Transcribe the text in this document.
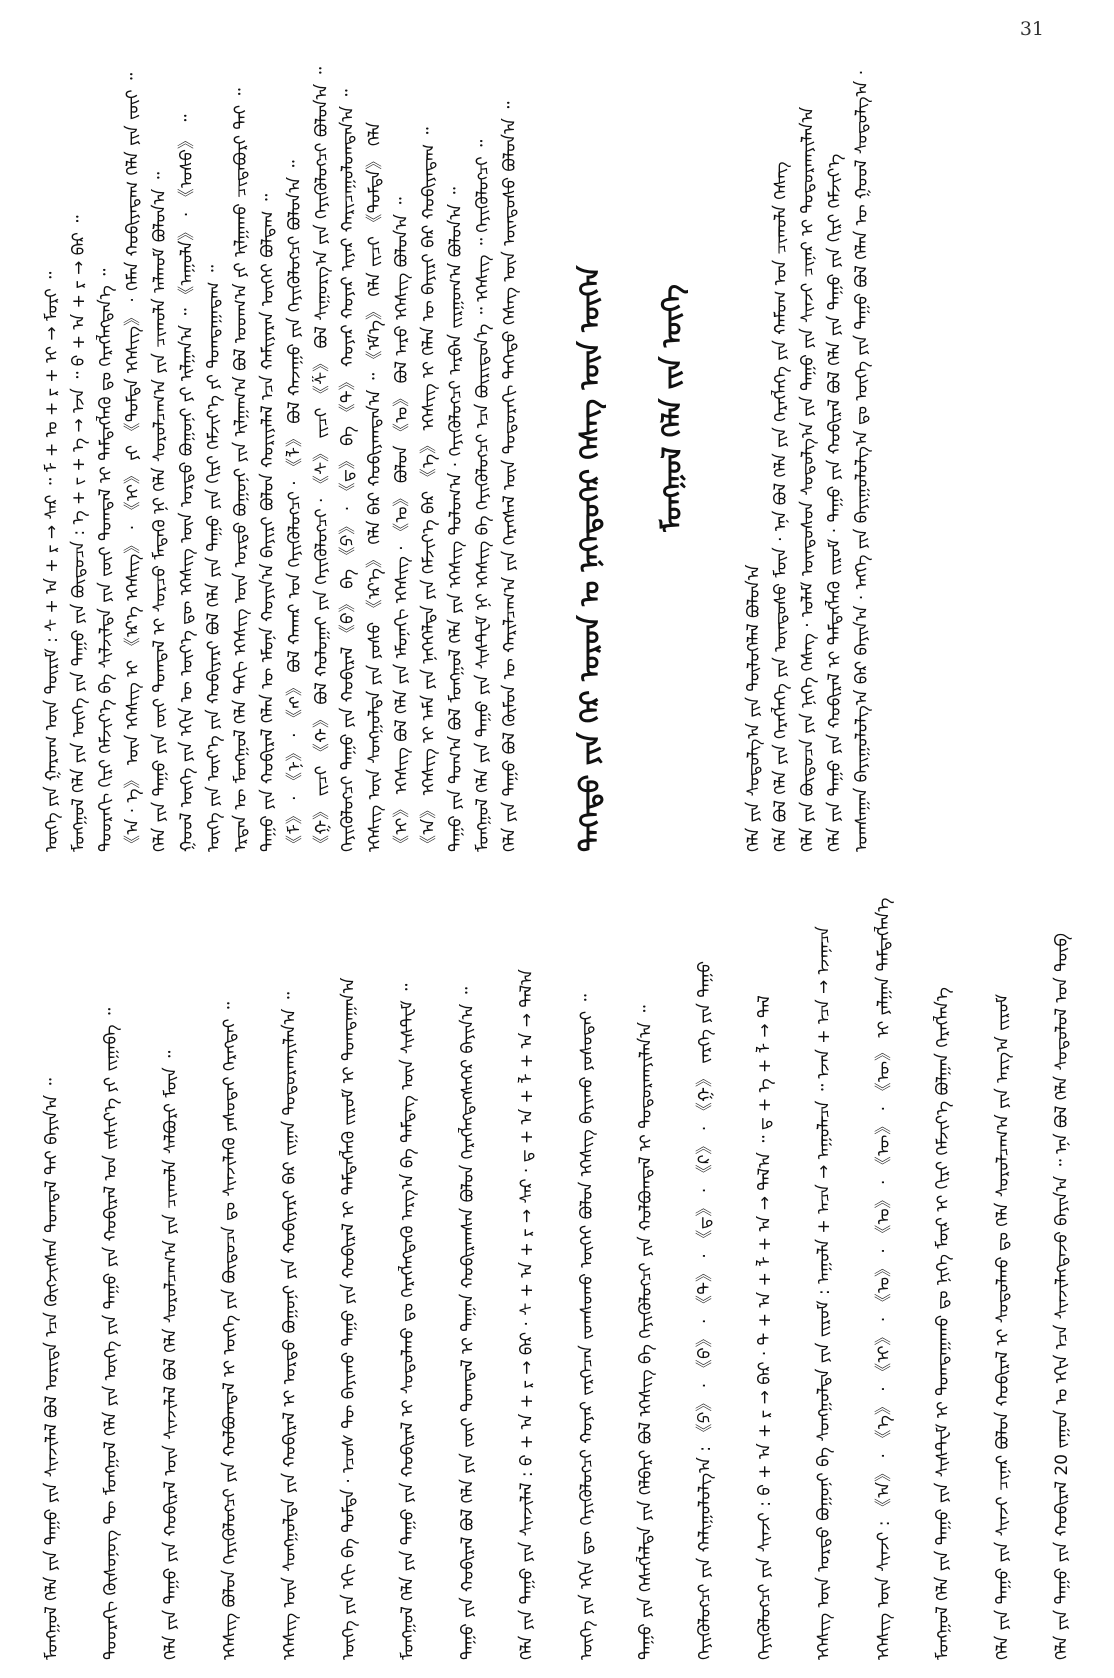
31
ᠦᠭᠡ ᠶᠢᠨ ᠭᠠᠷᠤᠭ ᠦᠨ ᠳᠦᠷᠢᠮ : ᠰ + ᠠ + ᠷ → ᠰᠠᠷ ᠃ ᠮ + ᠣ + ᠷ + ᠢ → ᠮᠣᠷᠢ ᠃ ᠮᠣᠩᠭᠣᠯ ᠬᠡᠯᠡ ᠶᠢᠨ ᠦᠭᠡ ᠶᠢᠨ ᠳᠠᠭᠤ ᠶᠢᠨ ᠪᠦᠲᠦᠴᠡ : ᠡ + ᠵ + ᠡ → ᠡᠵᠡ ᠃ ᠪ + ᠠ + ᠷ → ᠪᠠᠷ ᠃ ᠳᠣᠣᠷᠠᠬᠢ ᠬᠢᠷᠢ ᠬᠡᠮᠵᠢᠶ᠎ᠡ ᠪᠠ ᠰᠢᠯᠵᠢᠯᠲᠡ ᠶᠢᠨ ᠵᠦᠢ ᠲᠣᠭᠲᠠᠯ ᠢ ᠲᠡᠮᠳᠡᠭᠯᠡᠬᠦ ᠳᠤ ᠬᠡᠷᠡᠭᠯᠡᠭᠳᠡᠨ᠎ᠡ ᠃ 《ᠠ · ᠡ》 ᠦᠨ ᠡᠭᠡᠰᠢᠭ ᠢ 《ᠡᠷ᠎ᠡ ᠡᠭᠡᠰᠢᠭ》 · 《ᠢ》 ᠶᠢ 《ᠳᠤᠮᠳᠠ ᠡᠭᠡᠰᠢᠭ》 · ᠬᠡᠮᠡᠨ ᠬᠤᠪᠢᠶᠠᠳᠠᠭ ᠬᠡᠯᠡ ᠶᠢᠨ ᠵᠦᠢ ᠃ ᠬᠡᠯᠡ ᠶᠢᠨ ᠳᠠᠭᠤ ᠶᠢᠨ ᠵᠦᠢ ᠲᠣᠭᠲᠠᠯ ᠢ ᠰᠤᠷᠴᠤ ᠮᠡᠳᠡᠬᠦ ᠨᠢ ᠬᠡᠯᠡ ᠰᠤᠷᠤᠯᠴᠠᠭ᠎ᠠ ᠶᠢᠨ ᠴᠢᠬᠤᠯᠠ ᠠᠯᠬᠤᠮ ᠪᠣᠯᠤᠨ᠎ᠠ ᠃ ᠭᠣᠣᠯ ᠦᠭᠡ ᠶᠢᠨ ᠡᠬᠢᠨ ᠦ ᠦᠶ᠎ᠡ ᠳᠦ ᠡᠭᠡᠰᠢᠭ ᠦᠨ ᠤᠷᠲᠤ ᠪᠣᠭᠣᠨᠢ ᠶᠢ ᠢᠯᠭᠠᠨ᠎ᠠ ᠃ 《ᠠᠭᠤᠯᠠ》 · 《ᠤᠰᠤ》 ᠃ ᠦᠭᠡ ᠶᠢᠨ ᠦᠶ᠎ᠡ ᠶᠢᠨ ᠬᠤᠪᠢᠶᠠᠷᠢ ᠪᠣᠯ ᠬᠡᠯᠡ ᠶᠢᠨ ᠳᠠᠭᠤ ᠶᠢᠨ ᠬᠢᠷᠢ ᠬᠡᠮᠵᠢᠶ᠎ᠡ ᠶᠢ ᠲᠣᠭᠲᠠᠭᠠᠳᠠᠭ ᠃ ᠡᠷᠲᠡᠨ ᠦ ᠮᠣᠩᠭᠣᠯ ᠬᠡᠯᠡ ᠳᠡᠬᠢ ᠡᠭᠡᠰᠢᠭ ᠦᠨ ᠤᠷᠲᠤ ᠪᠣᠭᠣᠨᠢ ᠶᠢᠨ ᠢᠯᠭᠠᠭ᠎ᠠ ᠪᠣᠯ ᠤᠳᠬ᠎ᠠ ᠶᠢ ᠢᠯᠭᠠᠬᠤ ᠴᠢᠳᠠᠪᠤᠷᠢ ᠲᠠᠢ ᠃ ᠳᠠᠭᠤ ᠶᠢᠨ ᠬᠤᠪᠢᠷᠠᠯ ᠬᠡᠯᠡᠨ ᠦ ᠡᠮᠦᠨᠡ ᠬᠣᠶᠢᠨ᠎ᠠ ᠪᠠᠶᠢᠷᠢ ᠪᠣᠯᠣᠨ ᠬᠣᠷᠢᠶᠠᠯᠠᠯ ᠡᠴᠡ ᠬᠠᠮᠢᠶᠠᠷᠠᠨ ᠦᠭᠡᠢ ᠪᠣᠯᠳᠠᠭ ᠃ 《ᠮ》 · 《ᠨ》 · 《ᠩ》 ᠪᠣᠯ ᠬᠠᠬᠠᠷ ᠤᠨ ᠭᠡᠶᠢᠭᠦᠯᠦᠭᠴᠢ · 《ᠯ》 ᠪᠣᠯ ᠬᠠᠵᠠᠭᠤ ᠶᠢᠨ ᠭᠡᠶᠢᠭᠦᠯᠦᠭᠴᠢ ᠪᠣᠯᠤᠨ᠎ᠠ ᠃ 《ᠭ》 ᠵᠢᠴᠢ 《ᠬ》 ᠪᠣᠯ ᠬᠣᠯᠣᠭᠠᠢ ᠶᠢᠨ ᠭᠡᠶᠢᠭᠦᠯᠦᠭᠴᠢ · 《ᠰ》 ᠵᠢᠴᠢ 《ᠱ》 ᠪᠣᠯ ᠰᠢᠭᠤᠷᠭ᠎ᠠ ᠶᠢᠨ ᠭᠡᠶᠢᠭᠦᠯᠦᠭᠴᠢ ᠪᠣᠯᠤᠨ᠎ᠠ ᠃ ᠭᠡᠶᠢᠭᠦᠯᠦᠭᠴᠢ ᠳᠠᠭᠤ ᠶᠢᠨ ᠬᠤᠪᠢᠷᠠᠯ 《ᠪ》 ᠪᠠ 《ᠫ》 · 《ᠳ》 ᠪᠠ 《ᠲ》 ᠬᠣᠶᠠᠷ ᠬᠣᠶᠠᠷ ᠢᠶᠡᠷ ᠬᠠᠷᠢᠴᠠᠭᠤᠯᠤᠭᠳᠠᠨ᠎ᠠ ᠃ ᠡᠭᠡᠰᠢᠭ ᠦᠨ ᠰᠣᠩᠭᠣᠯᠲᠠ ᠶᠢᠨ ᠶᠣᠰᠣ 《ᠡᠷ᠎ᠡ》 ᠬᠡᠯᠡ ᠪᠡᠷ ᠬᠤᠪᠢᠶᠠᠭᠳᠠᠨ᠎ᠠ ᠃ 《ᠡᠮ᠎ᠡ》 ᠬᠡᠯᠡ ᠵᠢᠴᠢ 《ᠳᠤᠮᠳᠠ》 ᠬᠡᠯᠡ 《ᠢ》 ᠡᠭᠡᠰᠢᠭ ᠪᠣᠯ ᠬᠡᠯᠡ ᠶᠢᠨ ᠡᠮᠦᠨᠡᠬᠢ ᠡᠭᠡᠰᠢᠭ · 《ᠣ》 ᠪᠣᠯᠣᠨ 《ᠤ》 ᠪᠣᠯ ᠠᠷᠤ ᠡᠭᠡᠰᠢᠭ ᠪᠣᠯᠤᠨ᠎ᠠ ᠃ 《ᠠ》 ᠡᠭᠡᠰᠢᠭ ᠢ ᠠᠮᠠ ᠶᠢᠨ ᠨᠡᠭᠡᠭᠡᠯᠲᠡ ᠶᠢᠨ ᠬᠡᠮᠵᠢᠶ᠎ᠡ ᠪᠡᠷ 《ᠡ》 ᠡᠭᠡᠰᠢᠭ ᠢ ᠬᠡᠯᠡᠨ ᠦ ᠪᠠᠶᠢᠷᠢ ᠪᠡᠷ ᠬᠤᠪᠢᠶᠠᠳᠠᠭ ᠃ ᠳᠠᠭᠤ ᠶᠢᠨ ᠲᠣᠭ᠎ᠠ ᠪᠣᠯ ᠮᠣᠩᠭᠣᠯ ᠬᠡᠯᠡ ᠶᠢᠨ ᠡᠭᠡᠰᠢᠭ ᠳᠣᠯᠣᠭ᠎ᠠ · ᠭᠡᠶᠢᠭᠦᠯᠦᠭᠴᠢ ᠠᠷᠪᠠᠨ ᠵᠢᠷᠭᠤᠭ᠎ᠠ ᠪᠣᠯᠤᠨ᠎ᠠ ᠃ ᠮᠣᠩᠭᠣᠯ ᠬᠡᠯᠡ ᠶᠢᠨ ᠳᠠᠭᠤ ᠶᠢᠨ ᠰᠢᠰᠲ᠋ᠧᠮ ᠨᠢ ᠡᠭᠡᠰᠢᠭ ᠪᠠ ᠭᠡᠶᠢᠭᠦᠯᠦᠭᠴᠢ ᠡᠴᠡ ᠪᠦᠷᠢᠳᠦᠨ᠎ᠡ ᠃ ᠡᠭᠡᠰᠢᠭ ᠃ ᠭᠡᠶᠢᠭᠦᠯᠦᠭᠴᠢ ᠃ ᠬᠡᠯᠡ ᠶᠢᠨ ᠳᠠᠭᠤ ᠪᠣᠯ ᠬᠦᠮᠦᠨ ᠦ ᠬᠠᠷᠢᠯᠴᠠᠭ᠎ᠠ ᠶᠢᠨ ᠬᠡᠷᠡᠭᠰᠡᠯ ᠦᠨ ᠳᠣᠲᠣᠷᠠᠬᠢ ᠳᠡᠭᠡᠳᠦ ᠬᠡᠰᠡᠭ ᠦᠨ ᠦᠨᠳᠦᠰᠦ ᠪᠣᠯᠤᠨ᠎ᠠ ᠃ ᠳᠡᠭᠡᠳᠦ ᠶᠢᠨ ᠭᠡᠷ ᠣᠷᠣᠨ ᠤ ᠨᠡᠭᠡᠳᠦᠭᠡᠷ ᠬᠡᠰᠡᠭ ᠦᠨ ᠦᠭᠡᠨ ᠮᠣᠩᠭᠣᠯ ᠬᠡᠯᠡ ᠵᠢᠨ ᠦᠭᠡ
ᠬᠡᠯᠡ ᠶᠢᠨ ᠰᠤᠳᠤᠯᠭ᠎ᠠ ᠶᠢᠨ ᠲᠥᠯᠦᠭᠡᠯᠡᠯ ᠪᠣᠯᠤᠨ᠎ᠠ ᠬᠡᠯᠡ ᠪᠣᠯ ᠬᠡᠯᠡ ᠶᠢᠨ ᠬᠡᠷᠡᠭᠯᠡᠭᠡ ᠶᠢᠨ ᠦᠨᠳᠦᠰᠦ ᠮᠥᠨ · ᠡᠨᠡ ᠪᠣᠯ ᠬᠡᠯᠡ ᠶᠢᠨ ᠬᠡᠷᠡᠭᠯᠡᠭᠡ ᠶᠢᠨ ᠬᠠᠮᠤᠭ ᠤᠨ ᠴᠢᠬᠤᠯᠠ ᠬᠡᠰᠡᠭ ᠬᠡᠯᠡ ᠶᠢᠨ ᠪᠦᠲᠦᠴᠡ ᠶᠢᠨ ᠨᠢᠭᠡ ᠬᠡᠰᠡᠭ · ᠤᠯᠠᠮ ᠦᠨᠳᠦᠰᠦᠨ ᠰᠤᠳᠤᠯᠭ᠎ᠠ ᠶᠢᠨ ᠳᠠᠭᠤ ᠶᠢᠨ ᠰᠢᠨᠵᠢ ᠴᠢᠨᠠᠷ ᠢ ᠲᠣᠳᠣᠷᠬᠠᠶᠢᠯᠠᠨ᠎ᠠ ᠬᠡᠯᠡ ᠶᠢᠨ ᠳᠠᠭᠤ ᠶᠢᠨ ᠬᠤᠪᠢᠷᠠᠯ ᠢ ᠲᠡᠮᠳᠡᠭᠯᠡᠬᠦ ᠵᠢᠷᠤᠮ · ᠳᠠᠭᠤ ᠶᠢᠨ ᠬᠤᠪᠢᠷᠠᠯ ᠪᠣᠯ ᠬᠡᠯᠡ ᠶᠢᠨ ᠳᠠᠭᠤ ᠶᠢᠨ ᠬᠢᠷᠢ ᠬᠡᠮᠵᠢᠶ᠎ᠡ ᠤᠭᠰᠠᠭᠠᠨ ᠪᠠᠶᠢᠭᠤᠯᠤᠯᠭ᠎ᠠ ᠪᠡᠷ ᠪᠠᠶᠢᠨ᠎ᠠ · ᠡᠩᠭᠡ ᠶᠢᠨ ᠪᠠᠶᠢᠭᠤᠯᠤᠯᠭ᠎ᠠ ᠳᠤ ᠦᠭᠡ ᠶᠢᠨ ᠳᠠᠭᠤ ᠪᠣᠯ ᠬᠡᠯᠡᠨ ᠦ ᠭᠣᠣᠯ ᠰᠤᠳᠤᠯᠭ᠎ᠠ ·
ᠮᠣᠩᠭᠣᠯ ᠬᠡᠯᠡ ᠶᠢᠨ ᠳᠠᠭᠤ ᠶᠢᠨ ᠰᠢᠨᠵᠢᠯᠡᠯ ᠪᠣᠯ ᠤᠷᠢᠳᠠ ᠡᠴᠡ ᠬᠥᠭᠵᠢᠭᠰᠡᠨ ᠲᠣᠭᠲᠠᠯ ᠲᠠᠢ ᠪᠠᠶᠢᠨ᠎ᠠ ᠃ ᠳᠣᠣᠷᠠᠬᠢ ᠬᠦᠰᠦᠨᠦᠭ ᠲᠦ ᠮᠣᠩᠭᠣᠯ ᠬᠡᠯᠡ ᠶᠢᠨ ᠦᠭᠡ ᠶᠢᠨ ᠳᠠᠭᠤ ᠶᠢᠨ ᠬᠤᠪᠢᠷᠠᠯ ᠤᠨ ᠵᠢᠱᠢᠶ᠎ᠡ ᠶᠢ ᠵᠢᠭᠠᠪᠠ ᠃ ᠬᠡᠯᠡ ᠶᠢᠨ ᠳᠠᠭᠤ ᠶᠢᠨ ᠬᠤᠪᠢᠷᠠᠯ ᠦᠨ ᠰᠢᠨᠵᠢᠯᠡᠯ ᠪᠣᠯ ᠬᠡᠯᠡ ᠰᠤᠷᠤᠯᠴᠠᠭ᠎ᠠ ᠶᠢᠨ ᠴᠢᠬᠤᠯᠠ ᠰᠠᠯᠪᠤᠷᠢ ᠮᠥᠨ ᠃ ᠡᠭᠡᠰᠢᠭ ᠪᠣᠯᠣᠨ ᠭᠡᠶᠢᠭᠦᠯᠦᠭᠴᠢ ᠶᠢᠨ ᠬᠣᠯᠪᠣᠭᠳᠠᠯ ᠢ ᠦᠭᠡ ᠶᠢᠨ ᠪᠦᠲᠦᠴᠡ ᠳᠤ ᠰᠢᠨᠵᠢᠯᠡᠬᠦ ᠶᠠᠰᠤᠲᠠᠢ ᠬᠡᠷᠡᠭᠲᠡᠢ ᠃ ᠡᠭᠡᠰᠢᠭ ᠦᠨ ᠰᠣᠩᠭᠣᠯᠲᠠ ᠶᠢᠨ ᠬᠤᠪᠢᠷᠠᠯ ᠢ ᠤᠷᠲᠤ ᠪᠣᠭᠣᠨᠢ ᠶᠢᠨ ᠬᠤᠪᠢᠶᠠᠷᠢ ᠪᠠᠷ ᠵᠢᠭᠠᠨ ᠲᠣᠳᠣᠷᠬᠠᠶᠢᠯᠠᠨ᠎ᠠ ᠃ ᠦᠭᠡ ᠶᠢᠨ ᠡᠬᠢ ᠪᠠ ᠳᠤᠮᠳᠠ · ᠡᠴᠦᠰ ᠲᠦ ᠪᠠᠶᠢᠬᠤ ᠳᠠᠭᠤ ᠶᠢᠨ ᠬᠤᠪᠢᠷᠠᠯ ᠢ ᠲᠡᠮᠳᠡᠭᠯᠡᠬᠦ ᠵᠢᠷᠤᠮ ᠢ ᠲᠣᠭᠲᠠᠭᠠᠨ᠎ᠠ ᠮᠣᠩᠭᠣᠯ ᠬᠡᠯᠡ ᠶᠢᠨ ᠳᠠᠭᠤ ᠶᠢᠨ ᠬᠤᠪᠢᠷᠠᠯ ᠢ ᠰᠤᠳᠤᠯᠬᠤ ᠳᠤ ᠬᠡᠷᠡᠭᠯᠡᠭᠳᠡᠬᠦ ᠠᠷᠭ᠎ᠠ ᠪᠠ ᠲᠡᠮᠳᠡᠭ ᠦᠨ ᠰᠢᠰᠲ᠋ᠧᠮ ᠃ ᠳᠠᠭᠤ ᠶᠢᠨ ᠬᠤᠪᠢᠷᠠᠯ ᠪᠣᠯ ᠬᠡᠯᠡ ᠶᠢᠨ ᠵᠦᠢ ᠲᠣᠭᠲᠠᠯ ᠢ ᠳᠠᠭᠠᠨ ᠬᠤᠪᠢᠷᠠᠭᠰᠠᠨ ᠪᠣᠯᠣᠨ ᠬᠡᠷᠡᠭᠯᠡᠭᠳᠡᠭᠰᠡᠭᠡᠷ ᠪᠠᠶᠢᠨ᠎ᠠ ᠃ ᠬᠡᠯᠡ ᠶᠢᠨ ᠳᠠᠭᠤ ᠶᠢᠨ ᠰᠢᠨᠵᠢᠯᠡᠯ : ᠪ + ᠠ + ᠷ → ᠪᠠᠷ · ᠰ + ᠠ + ᠷ → ᠰᠠᠷ · ᠳ + ᠠ + ᠯ + ᠠ → ᠳᠠᠯ᠎ᠠ ᠦᠭᠡ ᠶᠢᠨ ᠡᠬᠢᠨ ᠳᠦ ᠭᠡᠶᠢᠭᠦᠯᠦᠭᠴᠢ ᠬᠣᠶᠠᠷ ᠵᠡᠷᠭᠡᠴᠡᠨ ᠵᠣᠭᠰᠣᠬᠤ ᠦᠭᠡᠢ ᠪᠣᠯᠣᠨ ᠡᠭᠡᠰᠢᠭ ᠪᠠᠶᠢᠬᠤ ᠶᠣᠰᠣᠲᠠᠢ ᠃ ᠳᠠᠭᠤ ᠶᠢᠨ ᠬᠡᠰᠡᠭᠯᠡᠯᠲᠡ ᠶᠢᠨ ᠬᠡᠯᠪᠡᠷᠢ ᠪᠣᠯ ᠡᠭᠡᠰᠢᠭ ᠪᠠ ᠭᠡᠶᠢᠭᠦᠯᠦᠭᠴᠢ ᠶᠢᠨ ᠬᠣᠯᠪᠣᠭᠳᠠᠯ ᠢ ᠲᠣᠳᠣᠷᠬᠠᠶᠢᠯᠠᠨ᠎ᠠ ᠃ ᠭᠡᠶᠢᠭᠦᠯᠦᠭᠴᠢ ᠶᠢᠨ ᠬᠠᠯᠢᠭᠤᠯᠤᠯᠭ᠎ᠠ : 《ᠫ》 · 《ᠪ》 · 《ᠲ》 · 《ᠳ》 · 《ᠺ》 · 《ᠭ》 ᠵᠡᠷᠭᠡ ᠶᠢᠨ ᠳᠠᠭᠤ ᠭᠡᠶᠢᠭᠦᠯᠦᠭᠴᠢ ᠶᠢᠨ ᠰᠢᠨᠵᠢ : ᠪ + ᠠ + ᠷ → ᠪᠠᠷ · ᠲ + ᠠ + ᠯ + ᠠ → ᠲᠠᠯ᠎ᠠ ᠃ ᠳ + ᠡ + ᠯ → ᠳᠡᠯ ᠡᠭᠡᠰᠢᠭ ᠦᠨ ᠤᠷᠲᠤ ᠪᠣᠭᠣᠨᠢ ᠪᠠ ᠰᠣᠩᠭᠣᠯᠲᠠ ᠶᠢᠨ ᠵᠢᠷᠤᠮ : ᠠᠭᠤᠯᠠ + ᠠᠴᠠ → ᠠᠭᠤᠯᠠᠴᠠ ᠃ ᠡᠵᠡᠨ + ᠡᠴᠡ → ᠡᠵᠡᠨᠡᠴᠡ ᠡᠭᠡᠰᠢᠭ ᠦᠨ ᠰᠢᠨᠵᠢ : 《ᠠ》 · 《ᠡ》 · 《ᠢ》 · 《ᠣ》 · 《ᠤ》 · 《ᠥ》 · 《ᠦ》 ᠢ ᠶᠠᠯᠭᠠᠨ ᠲᠡᠮᠳᠡᠭᠯᠡᠨ᠎ᠡ ᠮᠣᠩᠭᠣᠯ ᠬᠡᠯᠡ ᠶᠢᠨ ᠳᠠᠭᠤ ᠶᠢᠨ ᠰᠢᠰᠲ᠋ᠧᠮ ᠢ ᠲᠣᠭᠲᠠᠭᠠᠬᠤ ᠳᠤ ᠨᠢᠭᠡ ᠮᠥᠷ ᠢ ᠬᠢᠷᠢ ᠬᠡᠮᠵᠢᠶ᠎ᠡ ᠪᠣᠯᠭᠠᠨ ᠬᠡᠷᠡᠭᠯᠡᠨ᠎ᠡ ᠬᠡᠯᠡ ᠶᠢᠨ ᠳᠠᠭᠤ ᠶᠢᠨ ᠰᠢᠨᠵᠢ ᠴᠢᠨᠠᠷ ᠪᠣᠯᠣᠨ ᠬᠤᠪᠢᠷᠠᠯ ᠢ ᠰᠤᠳᠤᠯᠬᠤ ᠳᠤ ᠬᠡᠯᠡ ᠰᠤᠷᠤᠯᠴᠠᠭ᠎ᠠ ᠶᠢᠨ ᠠᠷᠭ᠎ᠠ ᠵᠢᠷᠤᠮ ᠬᠡᠯᠡ ᠶᠢᠨ ᠳᠠᠭᠤ ᠶᠢᠨ ᠬᠤᠪᠢᠷᠠᠯ 20 ᠵᠠᠭᠤᠨ ᠤ ᠡᠬᠢᠨ ᠡᠴᠡ ᠰᠢᠨᠵᠢᠯᠡᠭᠳᠡᠵᠦ ᠪᠠᠶᠢᠨ᠎ᠠ ᠃ ᠡᠨᠡ ᠪᠣᠯ ᠬᠡᠯᠡ ᠰᠤᠳᠤᠯᠤᠯ ᠤᠨ ᠲᠥᠪ
